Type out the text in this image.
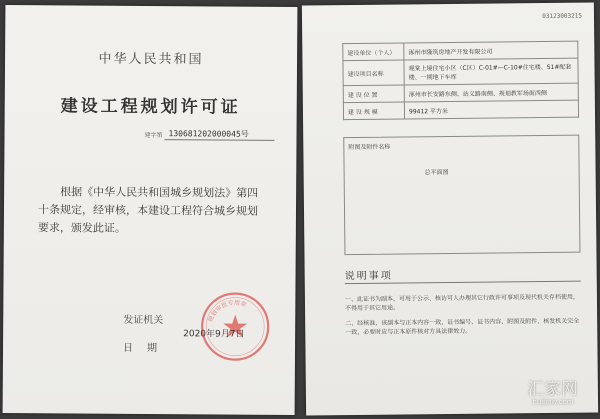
中华人民共和国
建设工程规划许可证
建字第 130681202000045号
根据《中华人民共和国城乡规划法》第四十条规定，经审核，本建设工程符合城乡规划要求，颁发此证。
发证机关
日期
规划审批专用章
2020年9月7日
03123003215
建设单位（个人）	涿州市隆筑房地产开发有限公司
建设项目名称	观棠上境住宅小区（C区）C-01#—C-10#住宅楼、S1#配套楼、一期地下车库
建 设 位 置	涿州市长安路东侧、站义路南侧、规划教军场街西侧
建 设 规 模	99412 平方米
附图及附件名称
总平面图
说明事项
一、此证书为副本，可用于公示、核访可人办理其它行政许可事项及现代机关存档使用，不得用于其它用途。
二、经核准，该副本与正本内容一致，证书编号、证书内容、附图及附件、核发机关完全一致，必要时应与正本原件核对方具法律效力。
汇家网
huijiaw.com
